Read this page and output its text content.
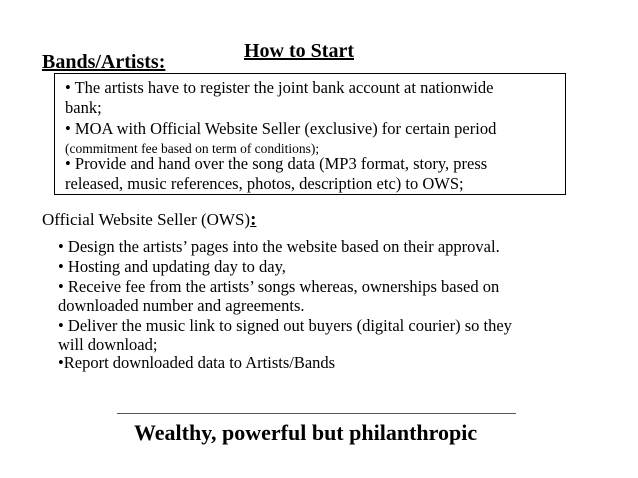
Bands/Artists:	How to Start
• The artists have to register the joint bank account at nationwide
bank;
• MOA with Official Website Seller (exclusive) for certain period
(commitment fee based on term of conditions);
• Provide and hand over the song data (MP3 format, story, press
released, music references, photos, description etc) to OWS;
Official Website Seller (OWS):
• Design the artists’ pages into the website based on their approval.
• Hosting and updating day to day,
• Receive fee from the artists’ songs whereas, ownerships based on
downloaded number and agreements.
• Deliver the music link to signed out buyers (digital courier) so they
will download;
•Report downloaded data to Artists/Bands
Wealthy, powerful but philanthropic
